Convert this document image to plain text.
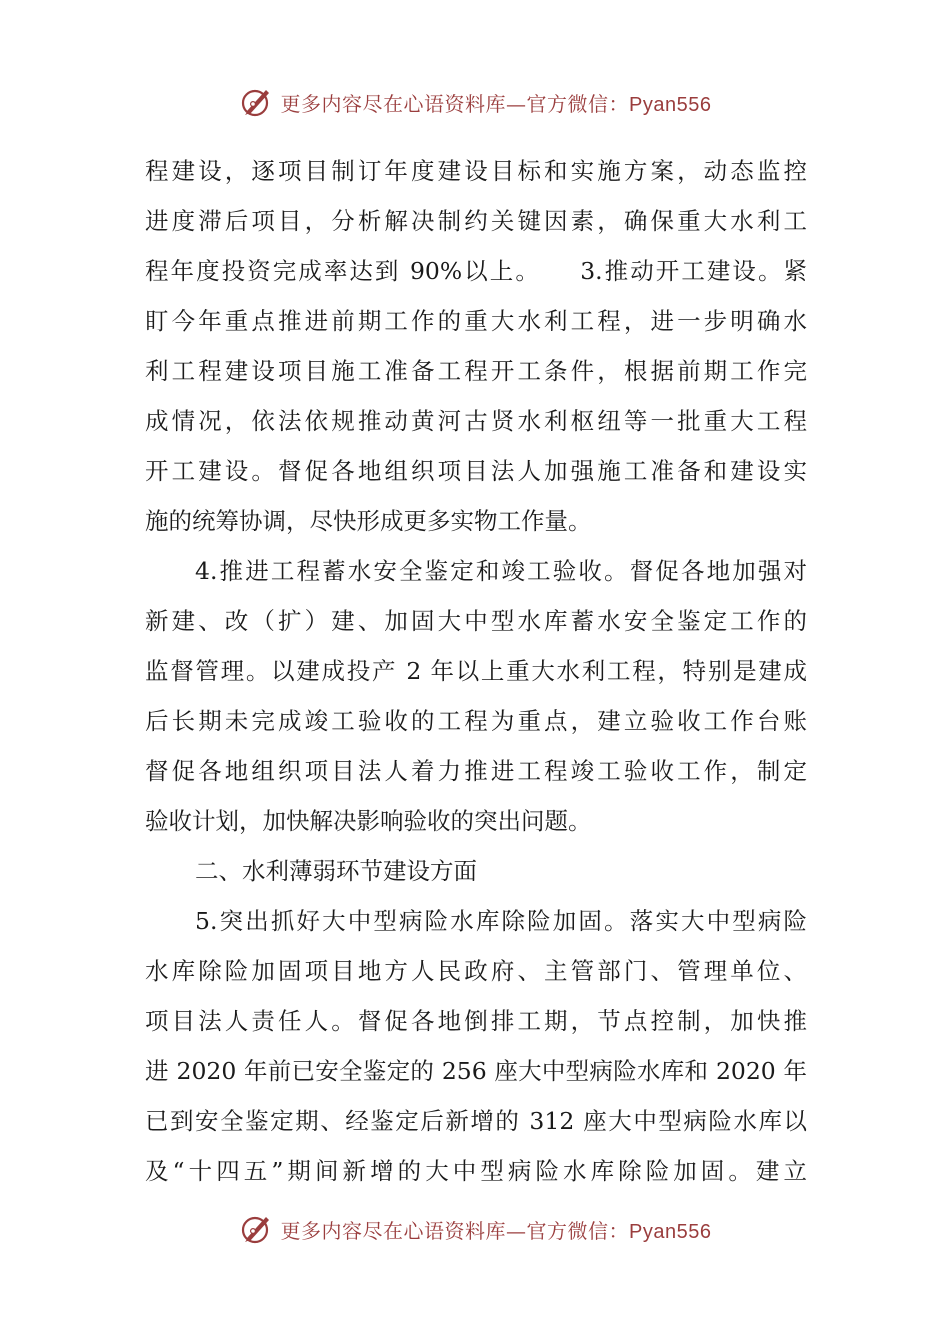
更多内容尽在心语资料库—官方微信：Pyan556
程建设，逐项目制订年度建设目标和实施方案，动态监控
进度滞后项目，分析解决制约关键因素，确保重大水利工
程年度投资完成率达到 90%以上。　　3.推动开工建设。紧
盯今年重点推进前期工作的重大水利工程，进一步明确水
利工程建设项目施工准备工程开工条件，根据前期工作完
成情况，依法依规推动黄河古贤水利枢纽等一批重大工程
开工建设。督促各地组织项目法人加强施工准备和建设实
施的统筹协调，尽快形成更多实物工作量。
4.推进工程蓄水安全鉴定和竣工验收。督促各地加强对
新建、改（扩）建、加固大中型水库蓄水安全鉴定工作的
监督管理。以建成投产 2 年以上重大水利工程，特别是建成
后长期未完成竣工验收的工程为重点，建立验收工作台账
督促各地组织项目法人着力推进工程竣工验收工作，制定
验收计划，加快解决影响验收的突出问题。
二、水利薄弱环节建设方面
5.突出抓好大中型病险水库除险加固。落实大中型病险
水库除险加固项目地方人民政府、主管部门、管理单位、
项目法人责任人。督促各地倒排工期，节点控制，加快推
进 2020 年前已安全鉴定的 256 座大中型病险水库和 2020 年
已到安全鉴定期、经鉴定后新增的 312 座大中型病险水库以
及“十四五”期间新增的大中型病险水库除险加固。建立
更多内容尽在心语资料库—官方微信：Pyan556
